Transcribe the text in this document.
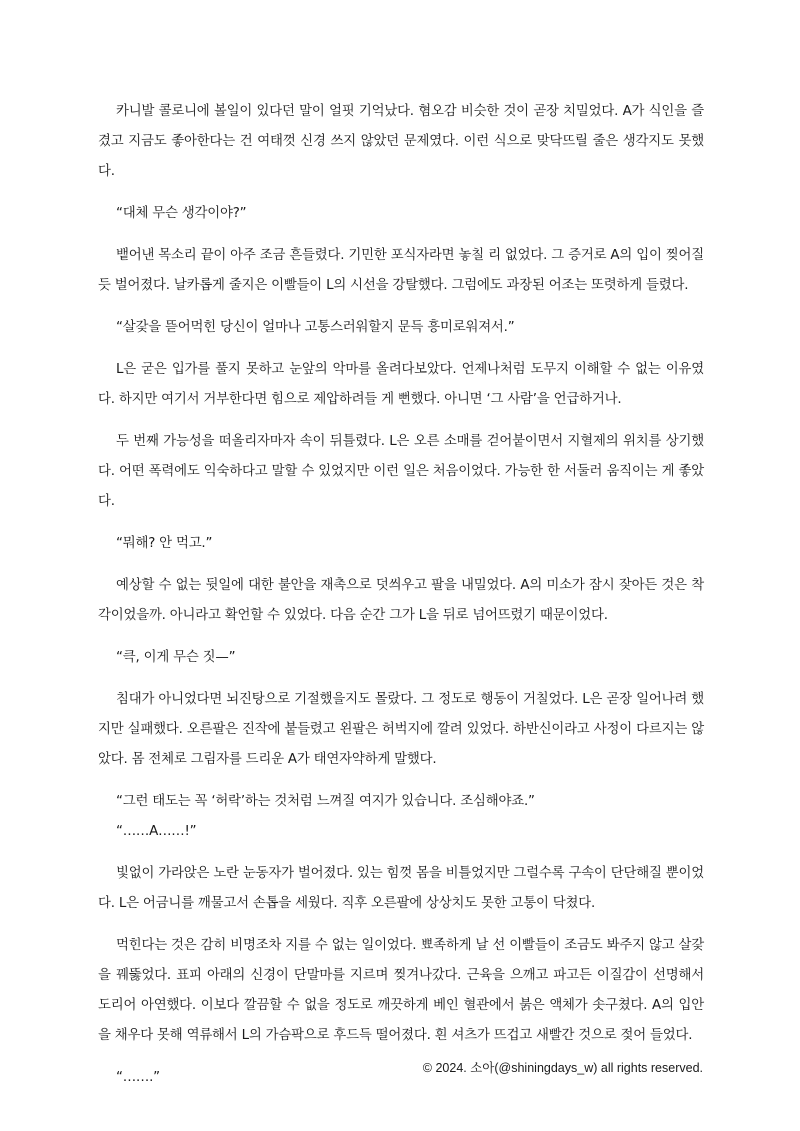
카니발 콜로니에 볼일이 있다던 말이 얼핏 기억났다. 혐오감 비슷한 것이 곧장 치밀었다. A가 식인을 즐겼고 지금도 좋아한다는 건 여태껏 신경 쓰지 않았던 문제였다. 이런 식으로 맞닥뜨릴 줄은 생각지도 못했다.

“대체 무슨 생각이야?”

뱉어낸 목소리 끝이 아주 조금 흔들렸다. 기민한 포식자라면 놓칠 리 없었다. 그 증거로 A의 입이 찢어질 듯 벌어졌다. 날카롭게 줄지은 이빨들이 L의 시선을 강탈했다. 그럼에도 과장된 어조는 또렷하게 들렸다.

“살갗을 뜯어먹힌 당신이 얼마나 고통스러워할지 문득 흥미로워져서.”

L은 굳은 입가를 풀지 못하고 눈앞의 악마를 올려다보았다. 언제나처럼 도무지 이해할 수 없는 이유였다. 하지만 여기서 거부한다면 힘으로 제압하려들 게 뻔했다. 아니면 ‘그 사람’을 언급하거나.

두 번째 가능성을 떠올리자마자 속이 뒤틀렸다. L은 오른 소매를 걷어붙이면서 지혈제의 위치를 상기했다. 어떤 폭력에도 익숙하다고 말할 수 있었지만 이런 일은 처음이었다. 가능한 한 서둘러 움직이는 게 좋았다.

“뭐해? 안 먹고.”

예상할 수 없는 뒷일에 대한 불안을 재촉으로 덧씌우고 팔을 내밀었다. A의 미소가 잠시 잦아든 것은 착각이었을까. 아니라고 확언할 수 있었다. 다음 순간 그가 L을 뒤로 넘어뜨렸기 때문이었다.

“큭, 이게 무슨 짓—”

침대가 아니었다면 뇌진탕으로 기절했을지도 몰랐다. 그 정도로 행동이 거칠었다. L은 곧장 일어나려 했지만 실패했다. 오른팔은 진작에 붙들렸고 왼팔은 허벅지에 깔려 있었다. 하반신이라고 사정이 다르지는 않았다. 몸 전체로 그림자를 드리운 A가 태연자약하게 말했다.

“그런 태도는 꼭 ‘허락’하는 것처럼 느껴질 여지가 있습니다. 조심해야죠.”

“……A……!”

빛없이 가라앉은 노란 눈동자가 벌어졌다. 있는 힘껏 몸을 비틀었지만 그럴수록 구속이 단단해질 뿐이었다. L은 어금니를 깨물고서 손톱을 세웠다. 직후 오른팔에 상상치도 못한 고통이 닥쳤다.

먹힌다는 것은 감히 비명조차 지를 수 없는 일이었다. 뾰족하게 날 선 이빨들이 조금도 봐주지 않고 살갗을 꿰뚫었다. 표피 아래의 신경이 단말마를 지르며 찢겨나갔다. 근육을 으깨고 파고든 이질감이 선명해서 도리어 아연했다. 이보다 깔끔할 수 없을 정도로 깨끗하게 베인 혈관에서 붉은 액체가 솟구쳤다. A의 입안을 채우다 못해 역류해서 L의 가슴팍으로 후드득 떨어졌다. 흰 셔츠가 뜨겁고 새빨간 것으로 젖어 들었다.

“…….”

© 2024. 소아(@shiningdays_w) all rights reserved.
